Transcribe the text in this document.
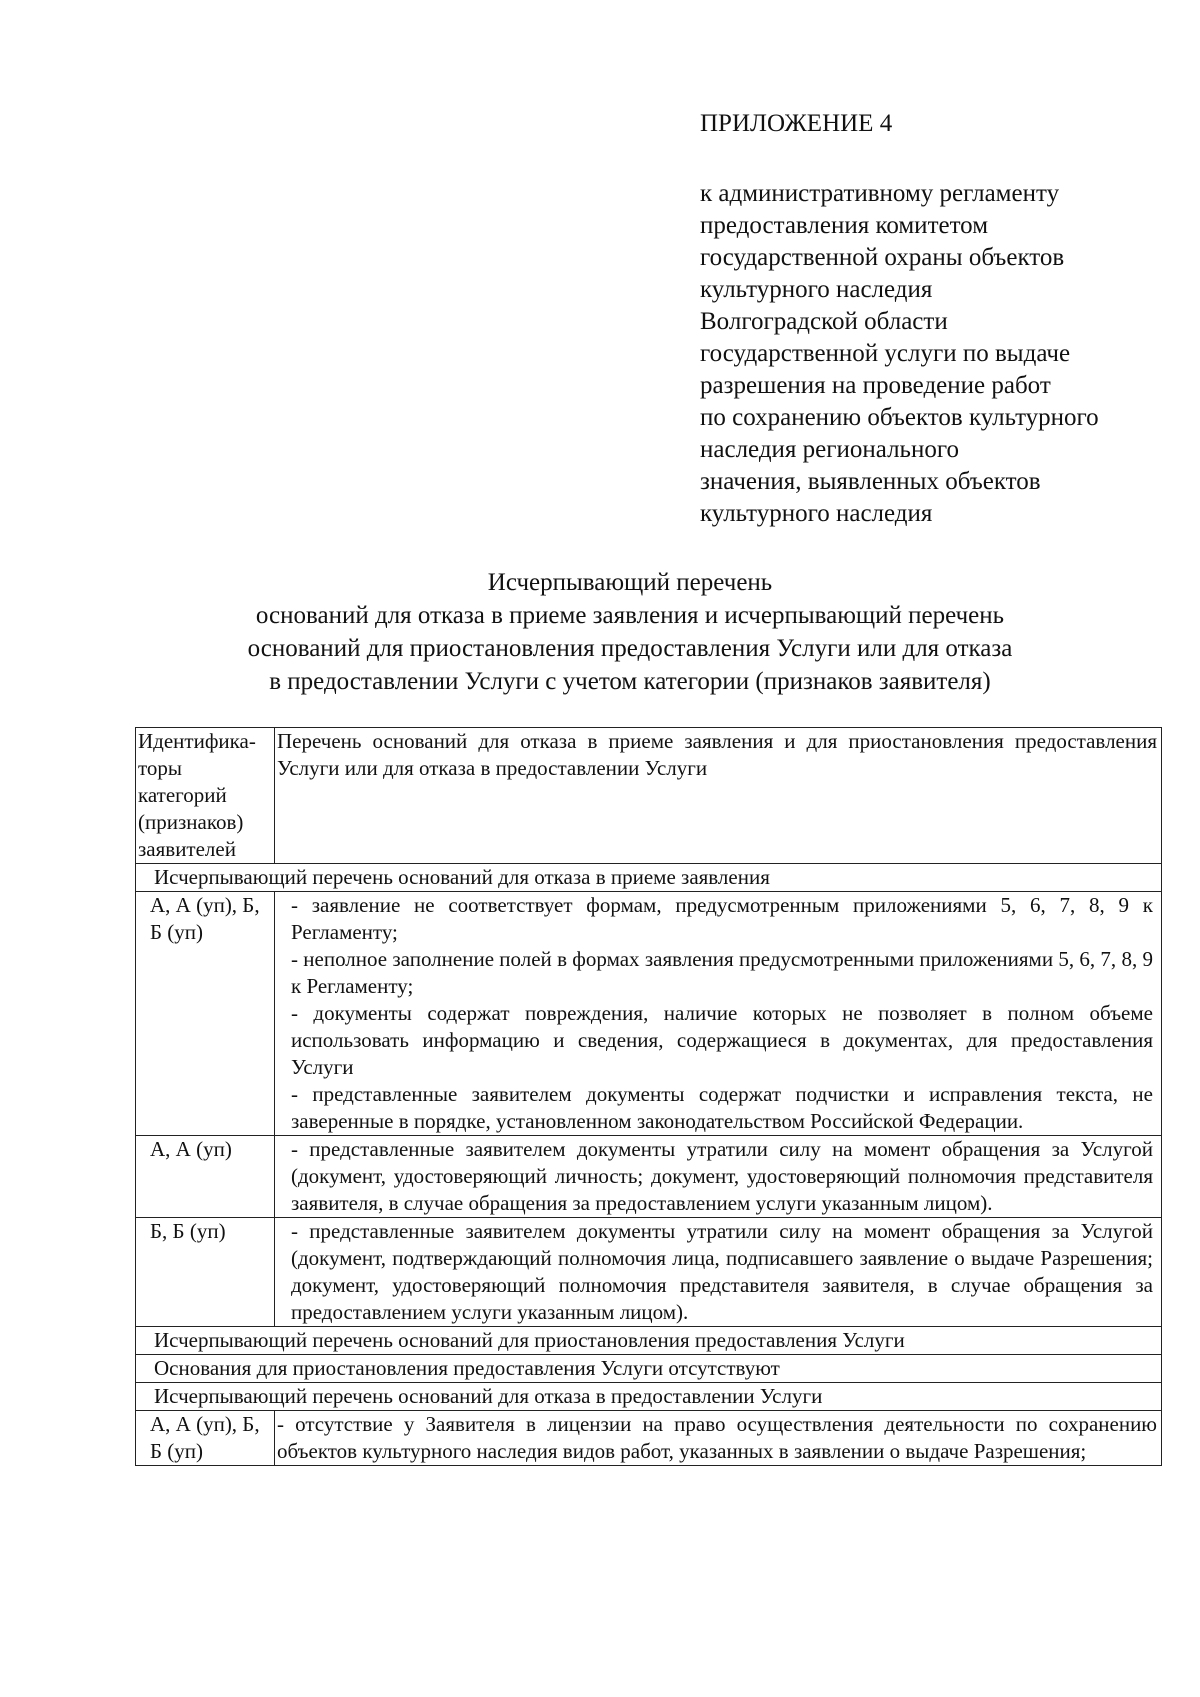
ПРИЛОЖЕНИЕ 4

к административному регламенту
предоставления комитетом
государственной охраны объектов
культурного наследия
Волгоградской области
государственной услуги по выдаче
разрешения на проведение работ
по сохранению объектов культурного
наследия регионального
значения, выявленных объектов
культурного наследия
Исчерпывающий перечень
оснований для отказа в приеме заявления и исчерпывающий перечень
оснований для приостановления предоставления Услуги или для отказа
в предоставлении Услуги с учетом категории (признаков заявителя)
Идентифика-торы категорий (признаков) заявителей	Перечень оснований для отказа в приеме заявления и для приостановления предоставления Услуги или для отказа в предоставлении Услуги
Исчерпывающий перечень оснований для отказа в приеме заявления	
А, А (уп), Б, Б (уп)	- заявление не соответствует формам, предусмотренным приложениями 5, 6, 7, 8, 9 к Регламенту;

- неполное заполнение полей в формах заявления предусмотренными приложениями 5, 6, 7, 8, 9 к Регламенту;

- документы содержат повреждения, наличие которых не позволяет в полном объеме использовать информацию и сведения, содержащиеся в документах, для предоставления Услуги

- представленные заявителем документы содержат подчистки и исправления текста, не заверенные в порядке, установленном законодательством Российской Федерации.

А, А (уп)	- представленные заявителем документы утратили силу на момент обращения за Услугой (документ, удостоверяющий личность; документ, удостоверяющий полномочия представителя заявителя, в случае обращения за предоставлением услуги указанным лицом).
Б, Б (уп)	- представленные заявителем документы утратили силу на момент обращения за Услугой (документ, подтверждающий полномочия лица, подписавшего заявление о выдаче Разрешения; документ, удостоверяющий полномочия представителя заявителя, в случае обращения за предоставлением услуги указанным лицом).
Исчерпывающий перечень оснований для приостановления предоставления Услуги	
Основания для приостановления предоставления Услуги отсутствуют	
Исчерпывающий перечень оснований для отказа в предоставлении Услуги	
А, А (уп), Б, Б (уп)	- отсутствие у Заявителя в лицензии на право осуществления деятельности по сохранению объектов культурного наследия видов работ, указанных в заявлении о выдаче Разрешения;
